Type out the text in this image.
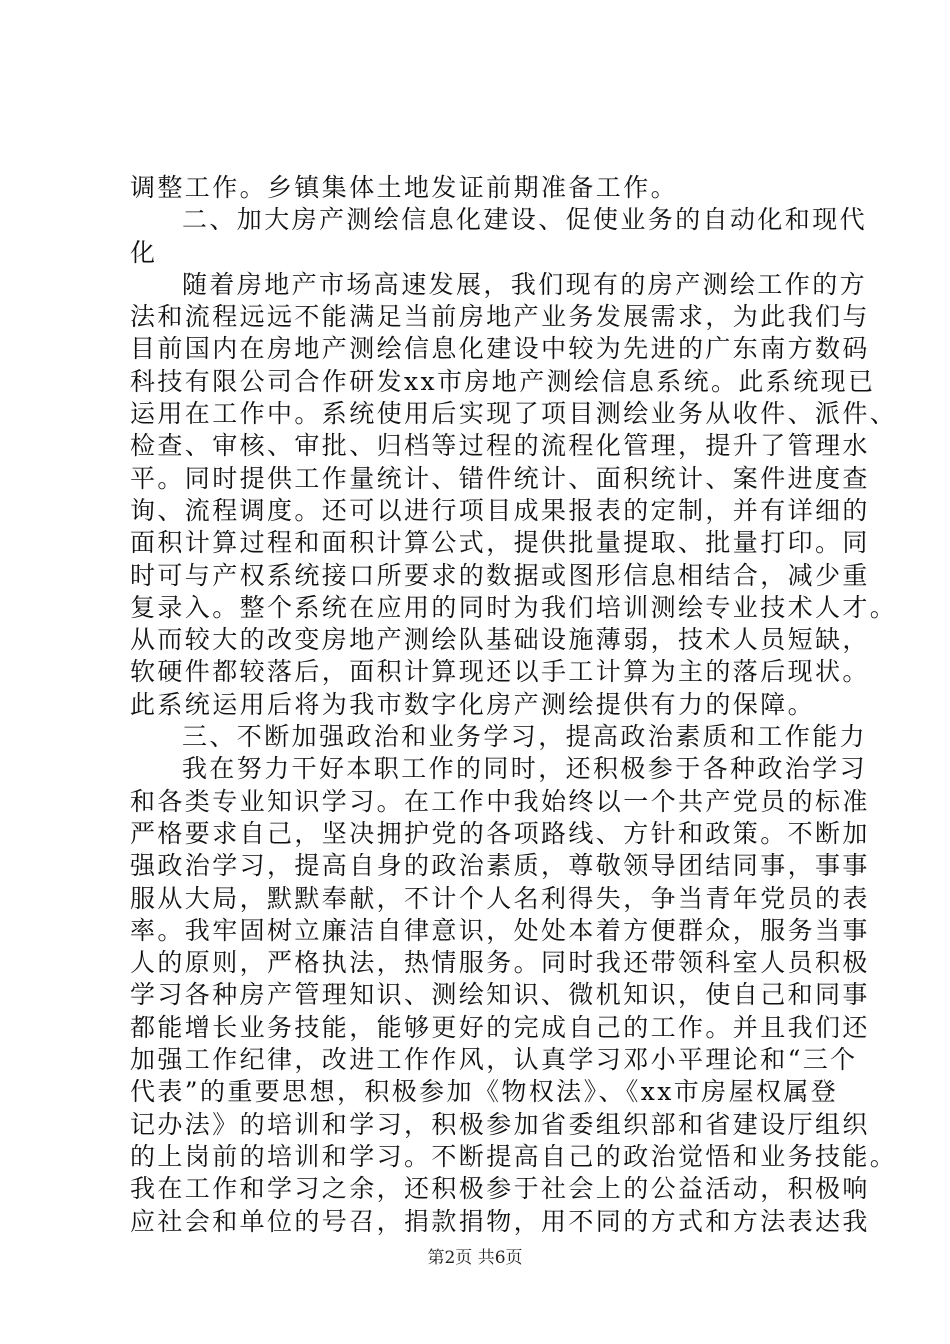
调整工作。乡镇集体土地发证前期准备工作。
二、加大房产测绘信息化建设、促使业务的自动化和现代
化
随着房地产市场高速发展，我们现有的房产测绘工作的方
法和流程远远不能满足当前房地产业务发展需求，为此我们与
目前国内在房地产测绘信息化建设中较为先进的广东南方数码
科技有限公司合作研发xx市房地产测绘信息系统。此系统现已
运用在工作中。系统使用后实现了项目测绘业务从收件、派件、
检查、审核、审批、归档等过程的流程化管理，提升了管理水
平。同时提供工作量统计、错件统计、面积统计、案件进度查
询、流程调度。还可以进行项目成果报表的定制，并有详细的
面积计算过程和面积计算公式，提供批量提取、批量打印。同
时可与产权系统接口所要求的数据或图形信息相结合，减少重
复录入。整个系统在应用的同时为我们培训测绘专业技术人才。
从而较大的改变房地产测绘队基础设施薄弱，技术人员短缺，
软硬件都较落后，面积计算现还以手工计算为主的落后现状。
此系统运用后将为我市数字化房产测绘提供有力的保障。
三、不断加强政治和业务学习，提高政治素质和工作能力
我在努力干好本职工作的同时，还积极参于各种政治学习
和各类专业知识学习。在工作中我始终以一个共产党员的标准
严格要求自己，坚决拥护党的各项路线、方针和政策。不断加
强政治学习，提高自身的政治素质，尊敬领导团结同事，事事
服从大局，默默奉献，不计个人名利得失，争当青年党员的表
率。我牢固树立廉洁自律意识，处处本着方便群众，服务当事
人的原则，严格执法，热情服务。同时我还带领科室人员积极
学习各种房产管理知识、测绘知识、微机知识，使自己和同事
都能增长业务技能，能够更好的完成自己的工作。并且我们还
加强工作纪律，改进工作作风，认真学习邓小平理论和“三个
代表”的重要思想，积极参加《物权法》、《xx市房屋权属登
记办法》的培训和学习，积极参加省委组织部和省建设厅组织
的上岗前的培训和学习。不断提高自己的政治觉悟和业务技能。
我在工作和学习之余，还积极参于社会上的公益活动，积极响
应社会和单位的号召，捐款捐物，用不同的方式和方法表达我
第2页 共6页
